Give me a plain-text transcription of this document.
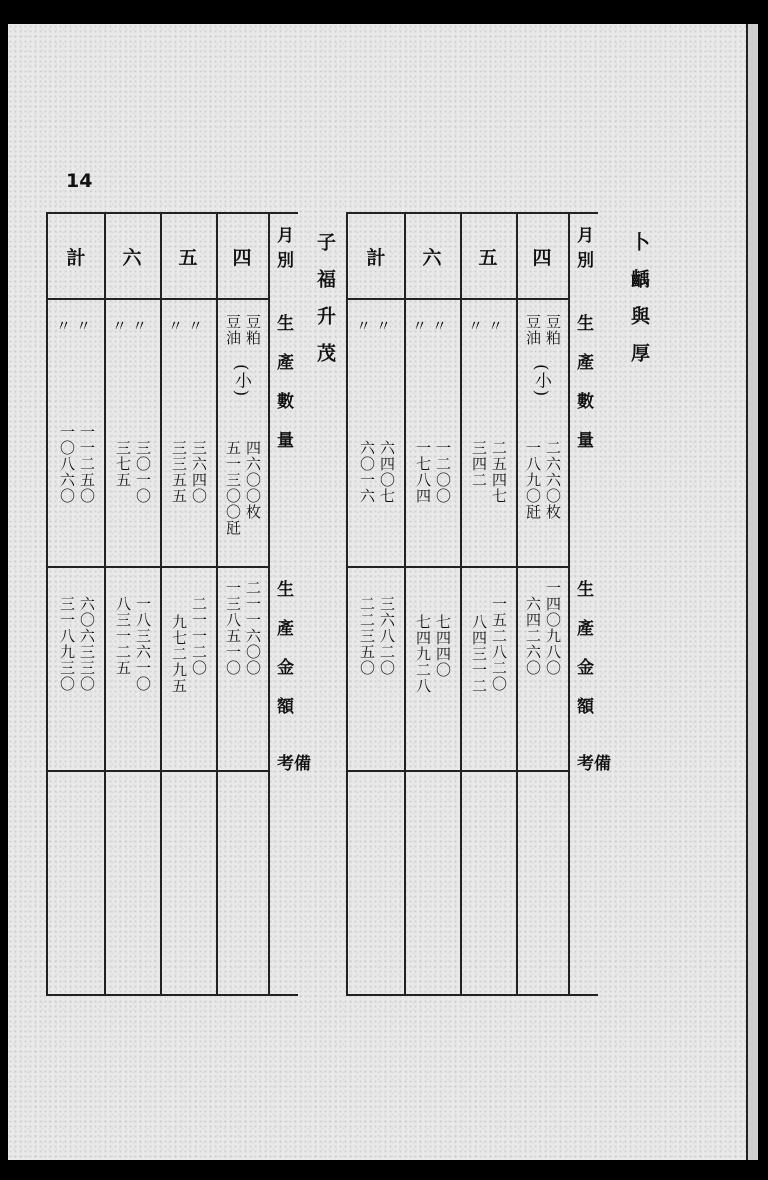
14
卜齲與厚
子福升茂	計
〃 〃
六四〇七
六〇一六
三六八二〇
二二三五〇
六
〃 〃
一二〇〇
一七八四
七四四〇
七四九二八
五
〃 〃
二五四七
三四二
一五二八二〇
八四三一二
四
豆粕
豆油
(小)
二六六〇枚
一八九〇瓩
一四〇九八〇
六四二六〇
月別
生產數量
生產金額
備考
計
〃 〃
一一二五〇
一〇八六〇
六〇六三三〇
三一八九三〇
六
〃 〃
三〇一〇
三七五
一八三六一〇
八三一二五
五
〃 〃
三六四〇
三三五五
二一一二〇
九七二九五
四
豆粕
豆油
(小)
四六〇〇枚
五一三〇〇瓩
二一一六〇〇
一三八五一〇
月別
生產數量
生產金額
備考
